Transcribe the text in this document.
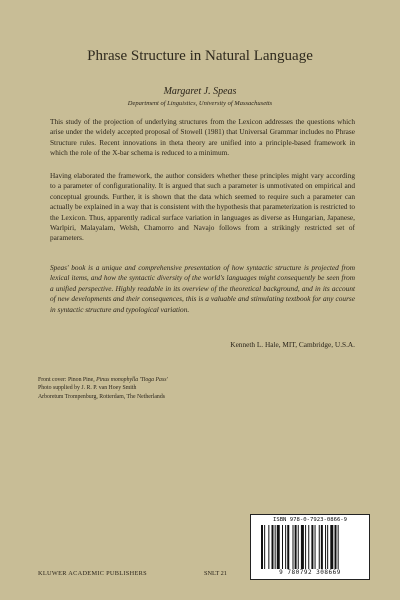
Phrase Structure in Natural Language
Margaret J. Speas
Department of Linguistics, University of Massachusetts

This study of the projection of underlying structures from the Lexicon addresses the questions which arise under the widely accepted proposal of Stowell (1981) that Universal Grammar includes no Phrase Structure rules. Recent innovations in theta theory are unified into a principle-based framework in which the role of the X-bar schema is reduced to a minimum.

Having elaborated the framework, the author considers whether these principles might vary according to a parameter of configurationality. It is argued that such a parameter is unmotivated on empirical and conceptual grounds. Further, it is shown that the data which seemed to require such a parameter can actually be explained in a way that is consistent with the hypothesis that parameterization is restricted to the Lexicon. Thus, apparently radical surface variation in languages as diverse as Hungarian, Japanese, Warlpiri, Malayalam, Welsh, Chamorro and Navajo follows from a strikingly restricted set of parameters.

Speas' book is a unique and comprehensive presentation of how syntactic structure is projected from lexical items, and how the syntactic diversity of the world's languages might consequently be seen from a unified perspective. Highly readable in its overview of the theoretical background, and in its account of new developments and their consequences, this is a valuable and stimulating textbook for any course in syntactic structure and typological variation.

Kenneth L. Hale, MIT, Cambridge, U.S.A.
Front cover: Pinon Pine, Pinus monophylla 'Tioga Pass'
Photo supplied by J. R. P. van Hoey Smith
Arboretum Trompenburg, Rotterdam, The Netherlands
ISBN 978-0-7923-0866-9
9 780792 308669
KLUWER ACADEMIC PUBLISHERS	SNLT 21
